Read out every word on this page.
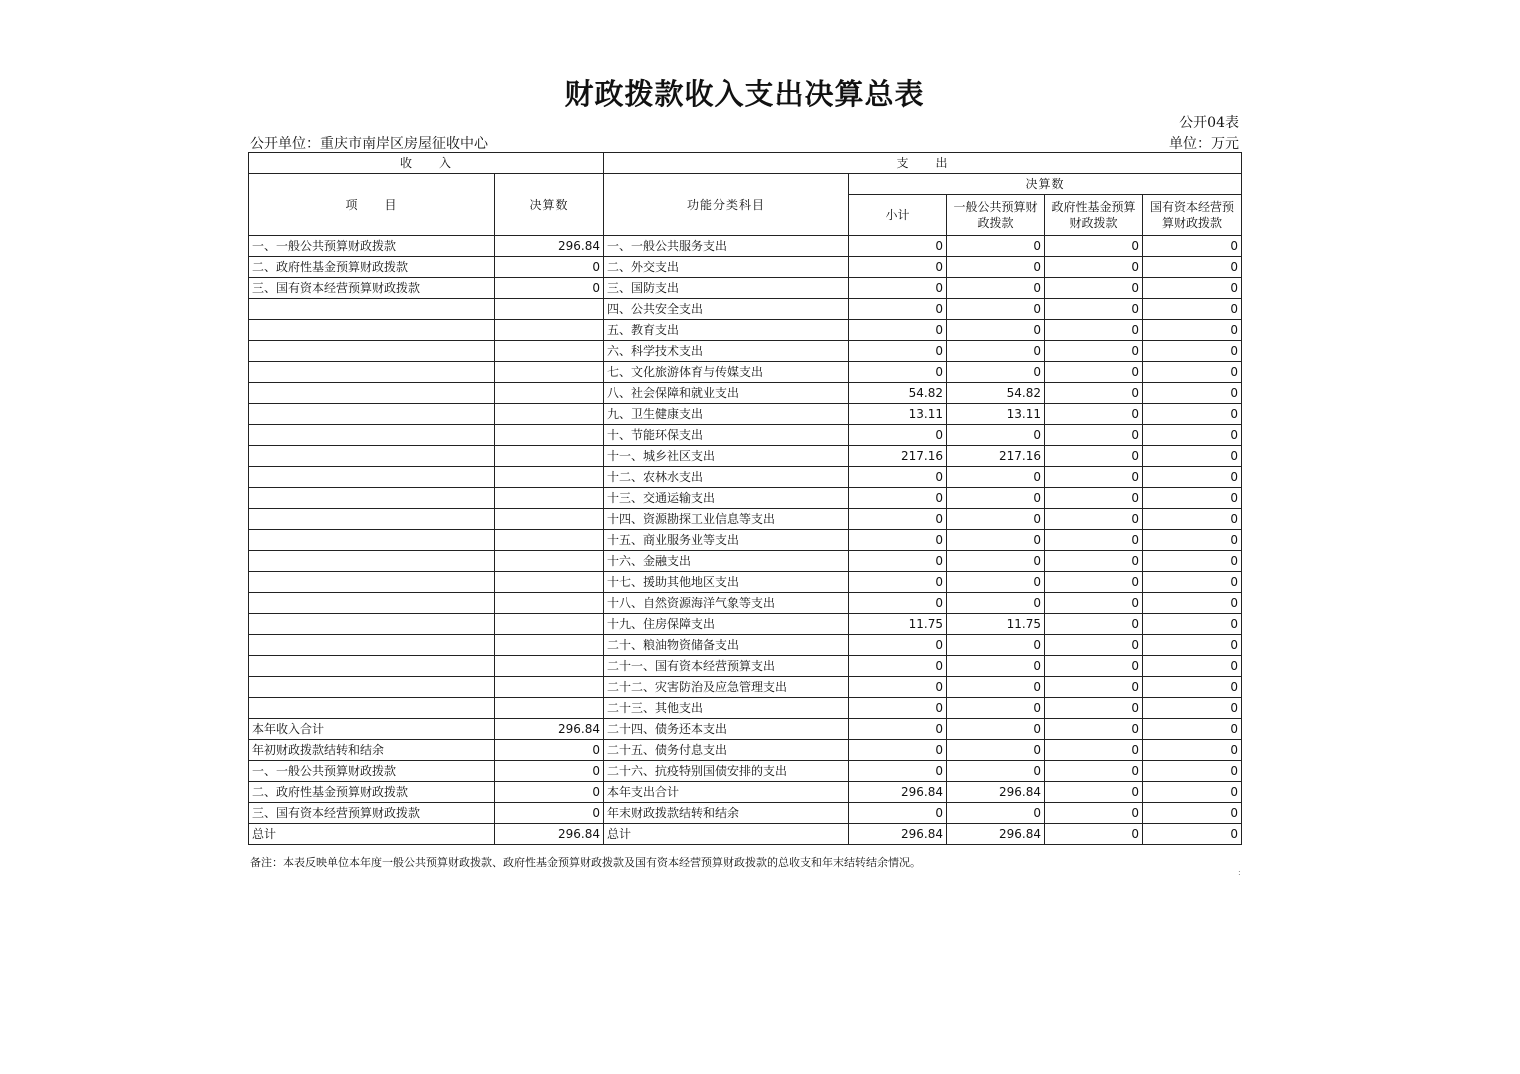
财政拨款收入支出决算总表
公开04表
公开单位：重庆市南岸区房屋征收中心	单位：万元
收　　入		支　　出				
项　　目	决算数	功能分类科目	决算数			
			小计	一般公共预算财政拨款	政府性基金预算财政拨款	国有资本经营预算财政拨款
一、一般公共预算财政拨款	296.84	一、一般公共服务支出	0	0	0	0
二、政府性基金预算财政拨款	0	二、外交支出	0	0	0	0
三、国有资本经营预算财政拨款	0	三、国防支出	0	0	0	0
		四、公共安全支出	0	0	0	0
		五、教育支出	0	0	0	0
		六、科学技术支出	0	0	0	0
		七、文化旅游体育与传媒支出	0	0	0	0
		八、社会保障和就业支出	54.82	54.82	0	0
		九、卫生健康支出	13.11	13.11	0	0
		十、节能环保支出	0	0	0	0
		十一、城乡社区支出	217.16	217.16	0	0
		十二、农林水支出	0	0	0	0
		十三、交通运输支出	0	0	0	0
		十四、资源勘探工业信息等支出	0	0	0	0
		十五、商业服务业等支出	0	0	0	0
		十六、金融支出	0	0	0	0
		十七、援助其他地区支出	0	0	0	0
		十八、自然资源海洋气象等支出	0	0	0	0
		十九、住房保障支出	11.75	11.75	0	0
		二十、粮油物资储备支出	0	0	0	0
		二十一、国有资本经营预算支出	0	0	0	0
		二十二、灾害防治及应急管理支出	0	0	0	0
		二十三、其他支出	0	0	0	0
本年收入合计	296.84	二十四、债务还本支出	0	0	0	0
年初财政拨款结转和结余	0	二十五、债务付息支出	0	0	0	0
一、一般公共预算财政拨款	0	二十六、抗疫特别国债安排的支出	0	0	0	0
二、政府性基金预算财政拨款	0	本年支出合计	296.84	296.84	0	0
三、国有资本经营预算财政拨款	0	年末财政拨款结转和结余	0	0	0	0
总计	296.84	总计	296.84	296.84	0	0
备注：本表反映单位本年度一般公共预算财政拨款、政府性基金预算财政拨款及国有资本经营预算财政拨款的总收支和年末结转结余情况。
:
